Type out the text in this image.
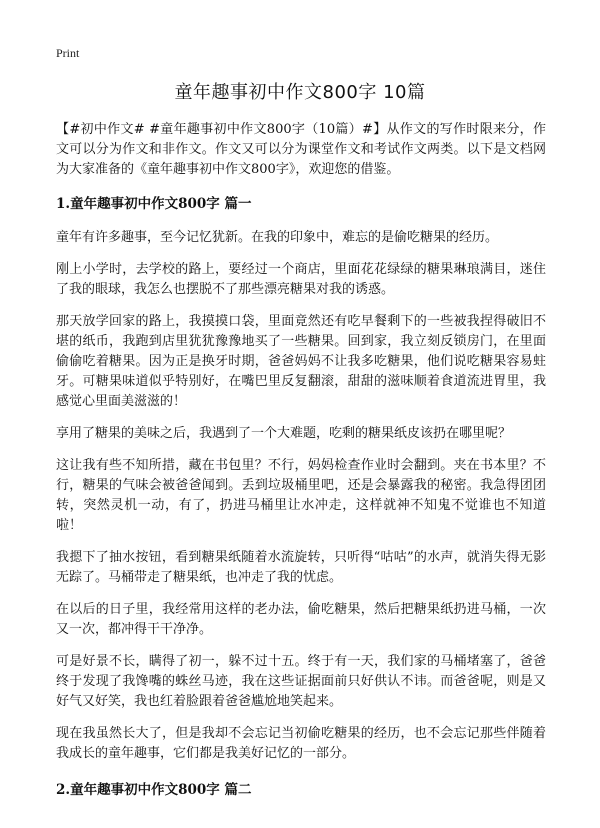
Print
童年趣事初中作文800字 10篇

【#初中作文# #童年趣事初中作文800字（10篇）#】从作文的写作时限来分，作文可以分为作文和非作文。作文又可以分为课堂作文和考试作文两类。以下是文档网为大家准备的《童年趣事初中作文800字》，欢迎您的借鉴。

1.童年趣事初中作文800字 篇一

童年有许多趣事，至今记忆犹新。在我的印象中，难忘的是偷吃糖果的经历。

刚上小学时，去学校的路上，要经过一个商店，里面花花绿绿的糖果琳琅满目，迷住了我的眼球，我怎么也摆脱不了那些漂亮糖果对我的诱惑。

那天放学回家的路上，我摸摸口袋，里面竟然还有吃早餐剩下的一些被我捏得破旧不堪的纸币，我跑到店里犹犹豫豫地买了一些糖果。回到家，我立刻反锁房门，在里面偷偷吃着糖果。因为正是换牙时期，爸爸妈妈不让我多吃糖果，他们说吃糖果容易蛀牙。可糖果味道似乎特别好，在嘴巴里反复翻滚，甜甜的滋味顺着食道流进胃里，我感觉心里面美滋滋的！

享用了糖果的美味之后，我遇到了一个大难题，吃剩的糖果纸皮该扔在哪里呢？

这让我有些不知所措，藏在书包里？不行，妈妈检查作业时会翻到。夹在书本里？不行，糖果的气味会被爸爸闻到。丢到垃圾桶里吧，还是会暴露我的秘密。我急得团团转，突然灵机一动，有了，扔进马桶里让水冲走，这样就神不知鬼不觉谁也不知道啦！

我摁下了抽水按钮，看到糖果纸随着水流旋转，只听得“咕咕”的水声，就消失得无影无踪了。马桶带走了糖果纸，也冲走了我的忧虑。

在以后的日子里，我经常用这样的老办法，偷吃糖果，然后把糖果纸扔进马桶，一次又一次，都冲得干干净净。

可是好景不长，瞒得了初一，躲不过十五。终于有一天，我们家的马桶堵塞了，爸爸终于发现了我馋嘴的蛛丝马迹，我在这些证据面前只好供认不讳。而爸爸呢，则是又好气又好笑，我也红着脸跟着爸爸尴尬地笑起来。

现在我虽然长大了，但是我却不会忘记当初偷吃糖果的经历，也不会忘记那些伴随着我成长的童年趣事，它们都是我美好记忆的一部分。

2.童年趣事初中作文800字 篇二
